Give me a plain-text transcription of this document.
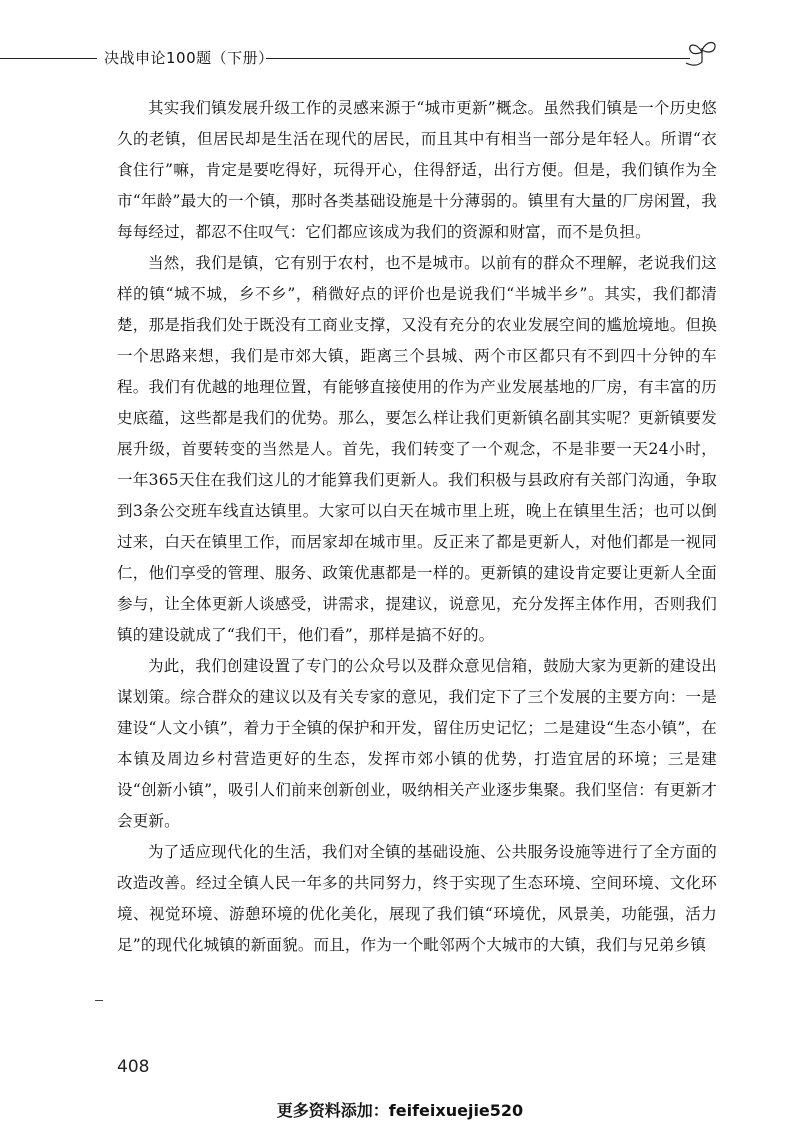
决战申论100题（下册）

其实我们镇发展升级工作的灵感来源于“城市更新”概念。虽然我们镇是一个历史悠久的老镇，但居民却是生活在现代的居民，而且其中有相当一部分是年轻人。所谓“衣食住行”嘛，肯定是要吃得好，玩得开心，住得舒适，出行方便。但是，我们镇作为全市“年龄”最大的一个镇，那时各类基础设施是十分薄弱的。镇里有大量的厂房闲置，我每每经过，都忍不住叹气：它们都应该成为我们的资源和财富，而不是负担。

当然，我们是镇，它有别于农村，也不是城市。以前有的群众不理解，老说我们这样的镇“城不城，乡不乡”，稍微好点的评价也是说我们“半城半乡”。其实，我们都清楚，那是指我们处于既没有工商业支撑，又没有充分的农业发展空间的尴尬境地。但换一个思路来想，我们是市郊大镇，距离三个县城、两个市区都只有不到四十分钟的车程。我们有优越的地理位置，有能够直接使用的作为产业发展基地的厂房，有丰富的历史底蕴，这些都是我们的优势。那么，要怎么样让我们更新镇名副其实呢？更新镇要发展升级，首要转变的当然是人。首先，我们转变了一个观念，不是非要一天24小时，一年365天住在我们这儿的才能算我们更新人。我们积极与县政府有关部门沟通，争取到3条公交班车线直达镇里。大家可以白天在城市里上班，晚上在镇里生活；也可以倒过来，白天在镇里工作，而居家却在城市里。反正来了都是更新人，对他们都是一视同仁，他们享受的管理、服务、政策优惠都是一样的。更新镇的建设肯定要让更新人全面参与，让全体更新人谈感受，讲需求，提建议，说意见，充分发挥主体作用，否则我们镇的建设就成了“我们干，他们看”，那样是搞不好的。

为此，我们创建设置了专门的公众号以及群众意见信箱，鼓励大家为更新的建设出谋划策。综合群众的建议以及有关专家的意见，我们定下了三个发展的主要方向：一是建设“人文小镇”，着力于全镇的保护和开发，留住历史记忆；二是建设“生态小镇”，在本镇及周边乡村营造更好的生态，发挥市郊小镇的优势，打造宜居的环境；三是建设“创新小镇”，吸引人们前来创新创业，吸纳相关产业逐步集聚。我们坚信：有更新才会更新。

为了适应现代化的生活，我们对全镇的基础设施、公共服务设施等进行了全方面的改造改善。经过全镇人民一年多的共同努力，终于实现了生态环境、空间环境、文化环境、视觉环境、游憩环境的优化美化，展现了我们镇“环境优，风景美，功能强，活力足”的现代化城镇的新面貌。而且，作为一个毗邻两个大城市的大镇，我们与兄弟乡镇

408
更多资料添加：feifeixuejie520
